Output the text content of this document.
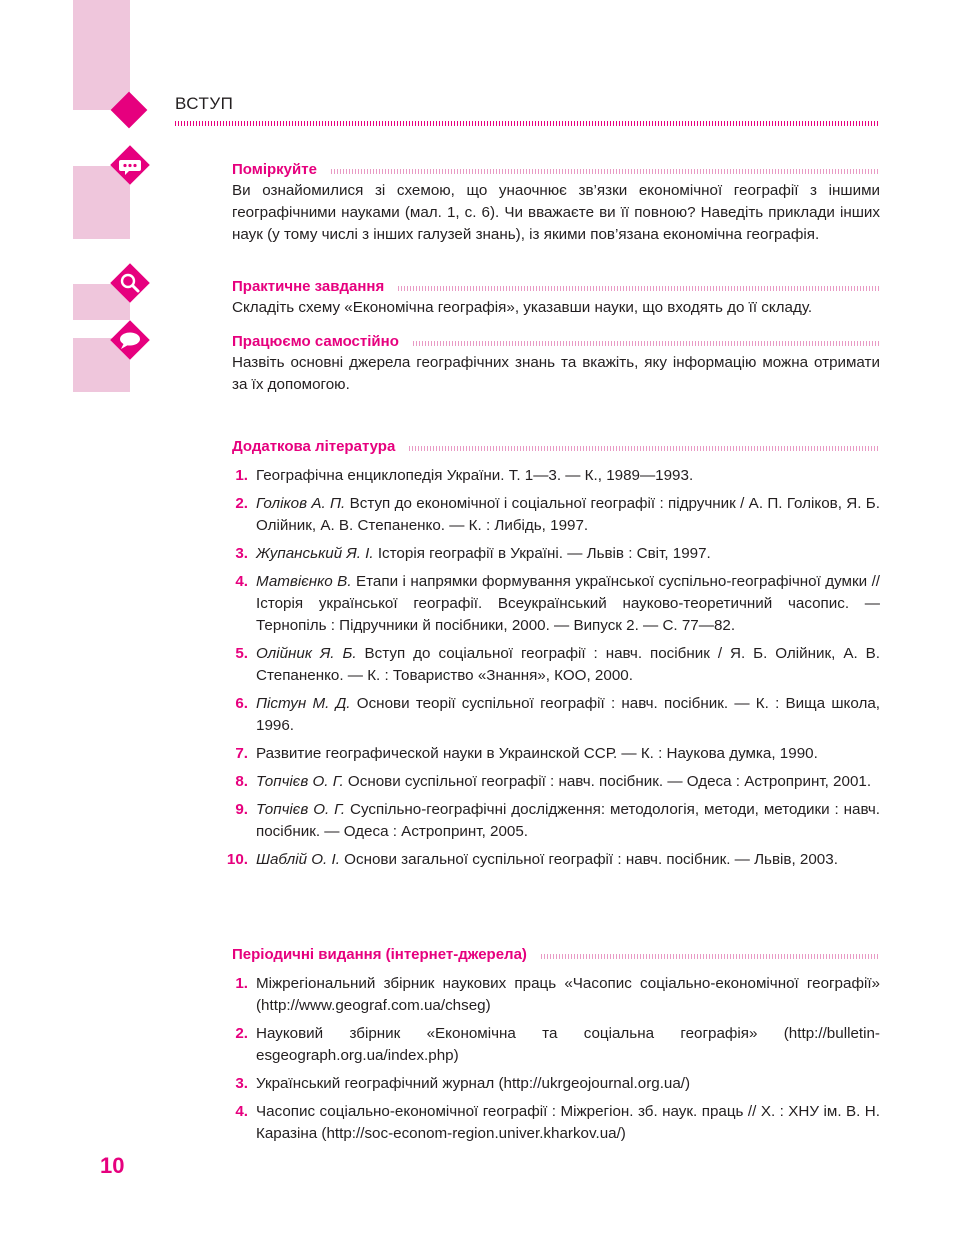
ВСТУП
Поміркуйте
Ви ознайомилися зі схемою, що унаочнює зв’язки економічної географії з іншими географічними науками (мал. 1, с. 6). Чи вважаєте ви її повною? Наведіть приклади інших наук (у тому числі з інших галузей знань), із якими пов’язана економічна географія.
Практичне завдання
Складіть схему «Економічна географія», указавши науки, що входять до її складу.
Працюємо самостійно
Назвіть основні джерела географічних знань та вкажіть, яку інформацію можна отримати за їх допомогою.
Додаткова література
1. Географічна енциклопедія України. Т. 1—3. — К., 1989—1993.
2. Голіков А. П. Вступ до економічної і соціальної географії : підручник / А. П. Голіков, Я. Б. Олійник, А. В. Степаненко. — К. : Либідь, 1997.
3. Жупанський Я. І. Історія географії в Україні. — Львів : Світ, 1997.
4. Матвієнко В. Етапи і напрямки формування української суспільно-географічної думки // Історія української географії. Всеукраїнський науково-теоретичний часопис. — Тернопіль : Підручники й посібники, 2000. — Випуск 2. — С. 77—82.
5. Олійник Я. Б. Вступ до соціальної географії : навч. посібник / Я. Б. Олійник, А. В. Степаненко. — К. : Товариство «Знання», КОО, 2000.
6. Пістун М. Д. Основи теорії суспільної географії : навч. посібник. — К. : Вища школа, 1996.
7. Развитие географической науки в Украинской ССР. — К. : Наукова думка, 1990.
8. Топчієв О. Г. Основи суспільної географії : навч. посібник. — Одеса : Астропринт, 2001.
9. Топчієв О. Г. Суспільно-географічні дослідження: методологія, методи, методики : навч. посібник. — Одеса : Астропринт, 2005.
10. Шаблій О. І. Основи загальної суспільної географії : навч. посібник. — Львів, 2003.
Періодичні видання (інтернет-джерела)
1. Міжрегіональний збірник наукових праць «Часопис соціально-економічної географії» (http://www.geograf.com.ua/chseg)
2. Науковий збірник «Економічна та соціальна географія» (http://bulletin-esgeograph.org.ua/index.php)
3. Український географічний журнал (http://ukrgeojournal.org.ua/)
4. Часопис соціально-економічної географії : Міжрегіон. зб. наук. праць // Х. : ХНУ ім. В. Н. Каразіна (http://soc-econom-region.univer.kharkov.ua/)
10
